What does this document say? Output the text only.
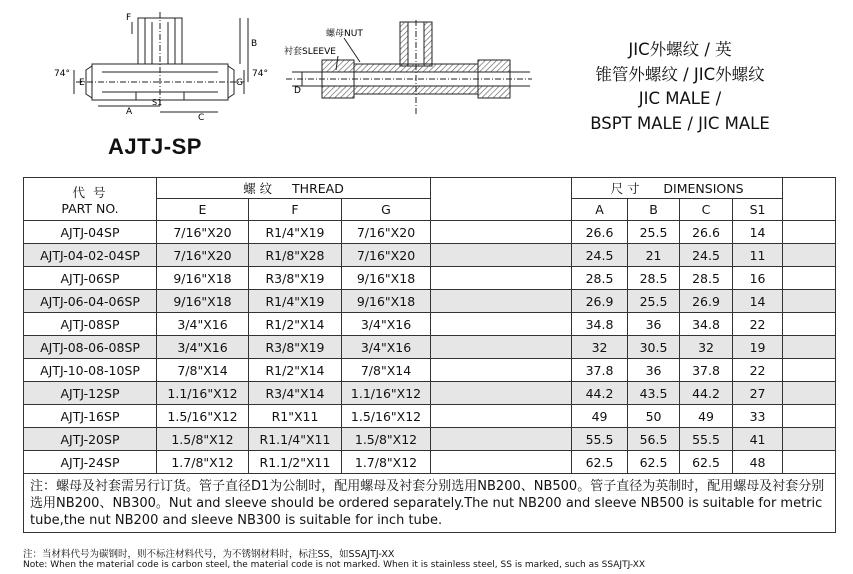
F
B
E	G
A
C
S1
74°	74°
螺母NUT
衬套SLEEVE
D
AJTJ-SP
JIC外螺纹 / 英
锥管外螺纹 / JIC外螺纹
JIC MALE /
BSPT MALE / JIC MALE
代 号
PART NO.	螺 纹 THREAD				尺 寸 DIMENSIONS				
	E	F	G		A	B	C	S1	
AJTJ-04SP	7/16"X20	R1/4"X19	7/16"X20		26.6	25.5	26.6	14	
AJTJ-04-02-04SP	7/16"X20	R1/8"X28	7/16"X20		24.5	21	24.5	11	
AJTJ-06SP	9/16"X18	R3/8"X19	9/16"X18		28.5	28.5	28.5	16	
AJTJ-06-04-06SP	9/16"X18	R1/4"X19	9/16"X18		26.9	25.5	26.9	14	
AJTJ-08SP	3/4"X16	R1/2"X14	3/4"X16		34.8	36	34.8	22	
AJTJ-08-06-08SP	3/4"X16	R3/8"X19	3/4"X16		32	30.5	32	19	
AJTJ-10-08-10SP	7/8"X14	R1/2"X14	7/8"X14		37.8	36	37.8	22	
AJTJ-12SP	1.1/16"X12	R3/4"X14	1.1/16"X12		44.2	43.5	44.2	27	
AJTJ-16SP	1.5/16"X12	R1"X11	1.5/16"X12		49	50	49	33	
AJTJ-20SP	1.5/8"X12	R1.1/4"X11	1.5/8"X12		55.5	56.5	55.5	41	
AJTJ-24SP	1.7/8"X12	R1.1/2"X11	1.7/8"X12		62.5	62.5	62.5	48	
注：螺母及衬套需另行订货。管子直径D1为公制时，配用螺母及衬套分别选用NB200、NB500。管子直径为英制时，配用螺母及衬套分别选用NB200、NB300。Nut and sleeve should be ordered separately.The nut NB200 and sleeve NB500 is suitable for metric tube,the nut NB200 and sleeve NB300 is suitable for inch tube.									
注：当材料代号为碳钢时，则不标注材料代号，为不锈钢材料时，标注SS，如SSAJTJ-XX
Note: When the material code is carbon steel, the material code is not marked. When it is stainless steel, SS is marked, such as SSAJTJ-XX
